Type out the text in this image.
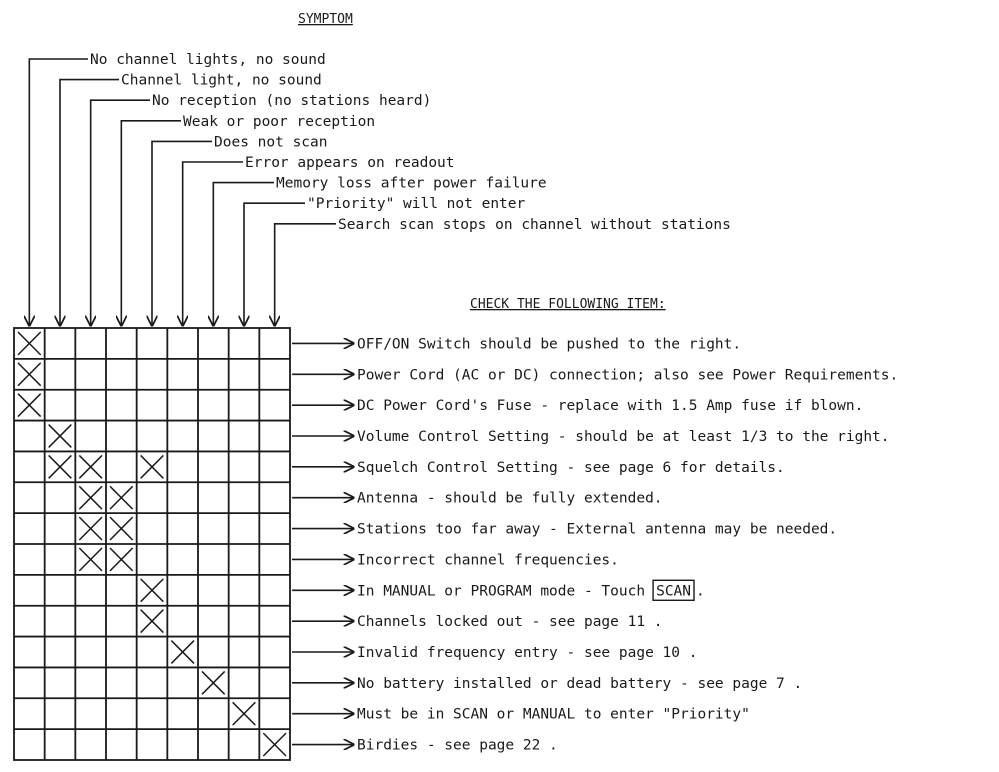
SYMPTOM
CHECK THE FOLLOWING ITEM:
No channel lights, no sound
Channel light, no sound
No reception (no stations heard)
Weak or poor reception
Does not scan
Error appears on readout
Memory loss after power failure
"Priority" will not enter
Search scan stops on channel without stations
OFF/ON Switch should be pushed to the right.
Power Cord (AC or DC) connection; also see Power Requirements.
DC Power Cord's Fuse - replace with 1.5 Amp fuse if blown.
Volume Control Setting - should be at least 1/3 to the right.
Squelch Control Setting - see page 6 for details.
Antenna - should be fully extended.
Stations too far away - External antenna may be needed.
Incorrect channel frequencies.
In MANUAL or PROGRAM mode - Touch SCAN .
Channels locked out - see page 11 .
Invalid frequency entry - see page 10 .
No battery installed or dead battery - see page 7 .
Must be in SCAN or MANUAL to enter "Priority"
Birdies - see page 22 .
